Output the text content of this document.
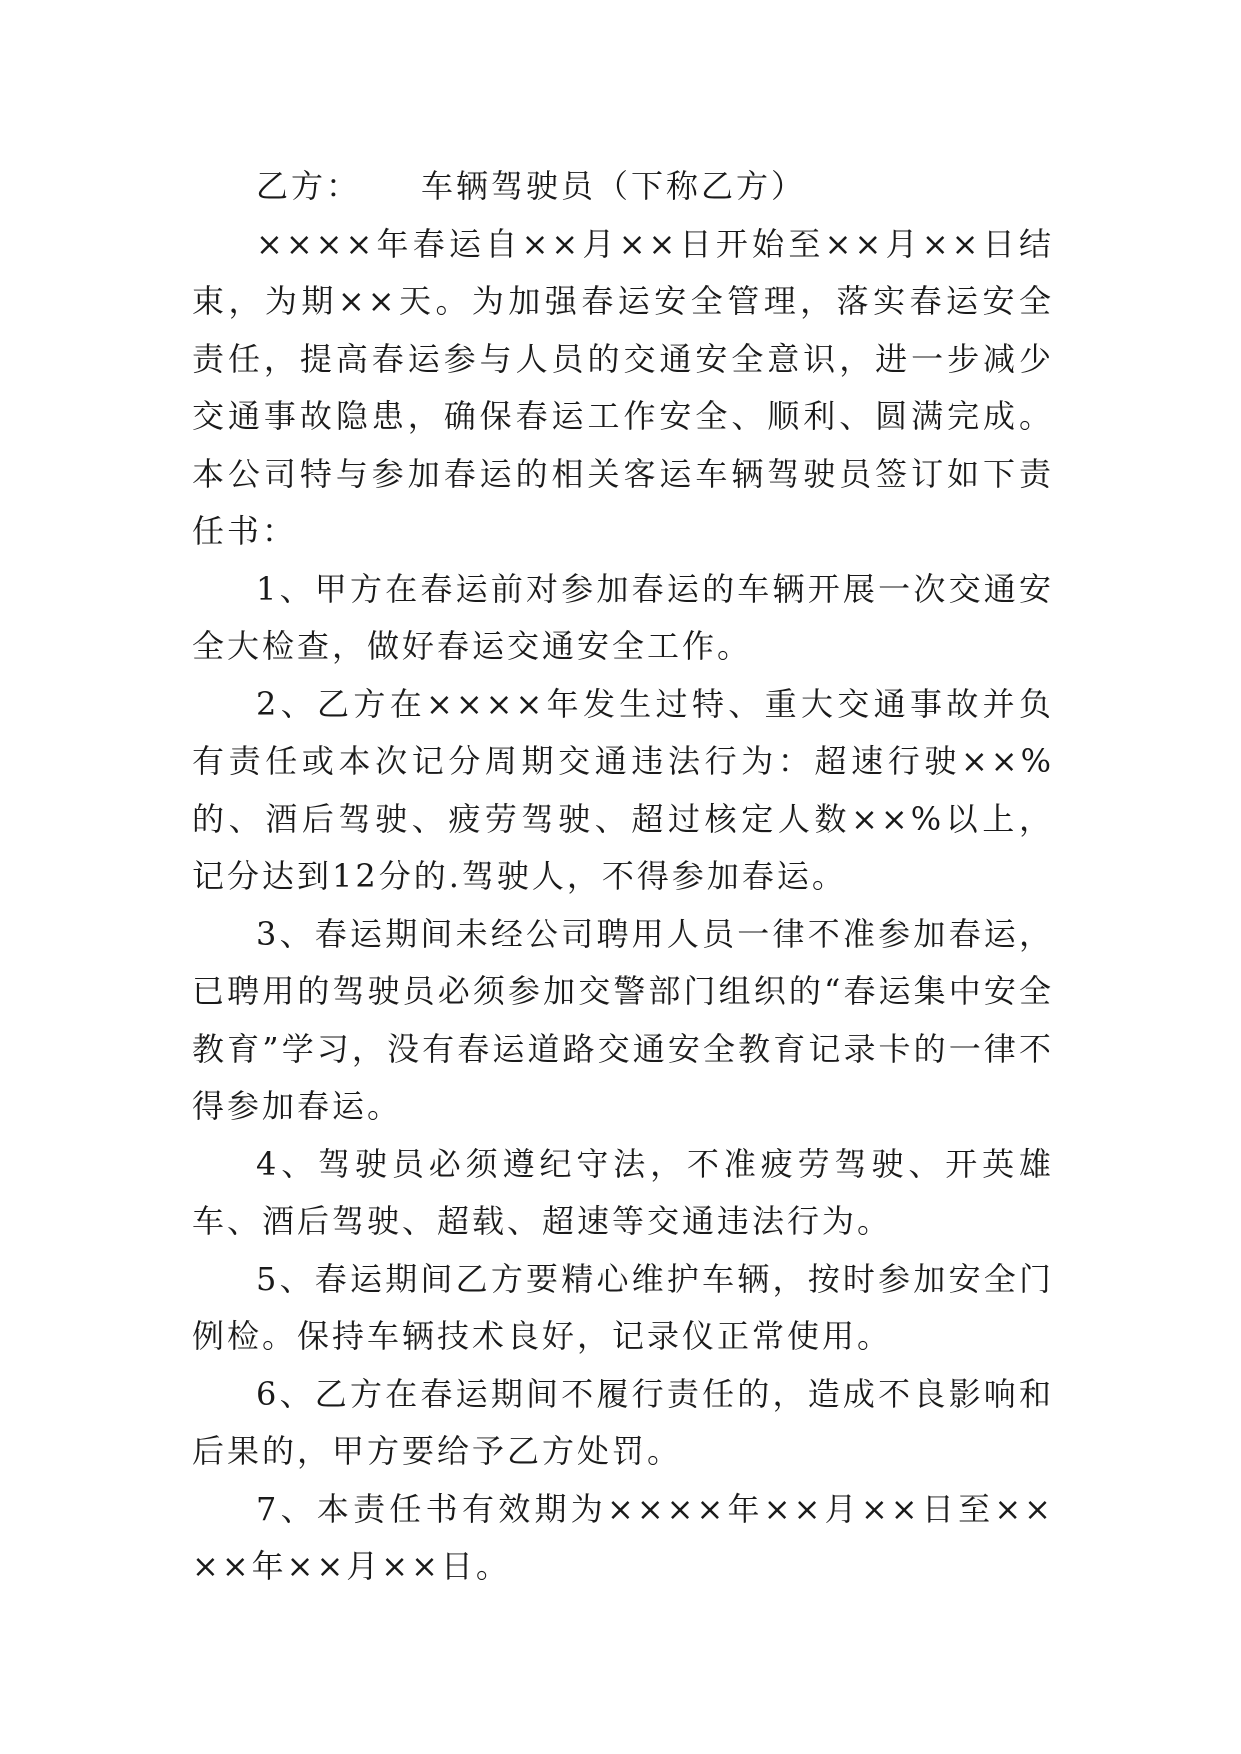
乙方： 车辆驾驶员（下称乙方）

××××年春运自××月××日开始至××月××日结束，为期××天。为加强春运安全管理，落实春运安全责任，提高春运参与人员的交通安全意识，进一步减少交通事故隐患，确保春运工作安全、顺利、圆满完成。本公司特与参加春运的相关客运车辆驾驶员签订如下责任书：

1、甲方在春运前对参加春运的车辆开展一次交通安全大检查，做好春运交通安全工作。

2、乙方在××××年发生过特、重大交通事故并负有责任或本次记分周期交通违法行为：超速行驶××%的、酒后驾驶、疲劳驾驶、超过核定人数××%以上，记分达到12分的.驾驶人，不得参加春运。

3、春运期间未经公司聘用人员一律不准参加春运，已聘用的驾驶员必须参加交警部门组织的“春运集中安全教育”学习，没有春运道路交通安全教育记录卡的一律不得参加春运。

4、驾驶员必须遵纪守法，不准疲劳驾驶、开英雄车、酒后驾驶、超载、超速等交通违法行为。

5、春运期间乙方要精心维护车辆，按时参加安全门例检。保持车辆技术良好，记录仪正常使用。

6、乙方在春运期间不履行责任的，造成不良影响和后果的，甲方要给予乙方处罚。

7、本责任书有效期为××××年××月××日至××××年××月××日。
